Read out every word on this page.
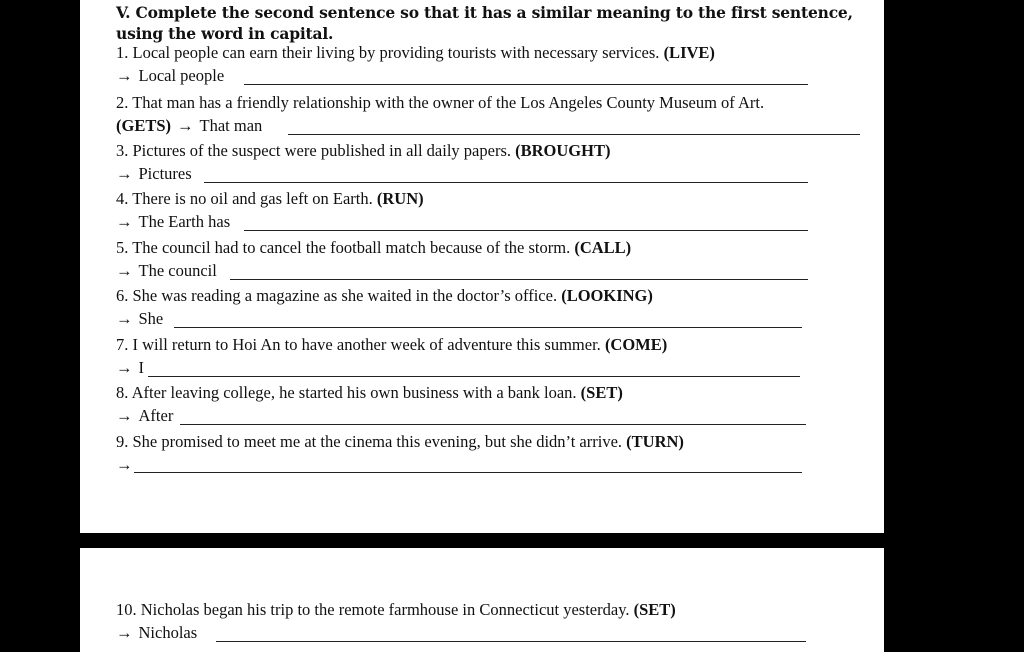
V. Complete the second sentence so that it has a similar meaning to the first sentence, using the word in capital.
1. Local people can earn their living by providing tourists with necessary services. (LIVE)
→ Local people
2. That man has a friendly relationship with the owner of the Los Angeles County Museum of Art.
(GETS) → That man
3. Pictures of the suspect were published in all daily papers. (BROUGHT)
→ Pictures
4. There is no oil and gas left on Earth. (RUN)
→ The Earth has
5. The council had to cancel the football match because of the storm. (CALL)
→ The council
6. She was reading a magazine as she waited in the doctor’s office. (LOOKING)
→ She
7. I will return to Hoi An to have another week of adventure this summer. (COME)
→ I
8. After leaving college, he started his own business with a bank loan. (SET)
→ After
9. She promised to meet me at the cinema this evening, but she didn’t arrive. (TURN)
→
10. Nicholas began his trip to the remote farmhouse in Connecticut yesterday. (SET)
→ Nicholas
